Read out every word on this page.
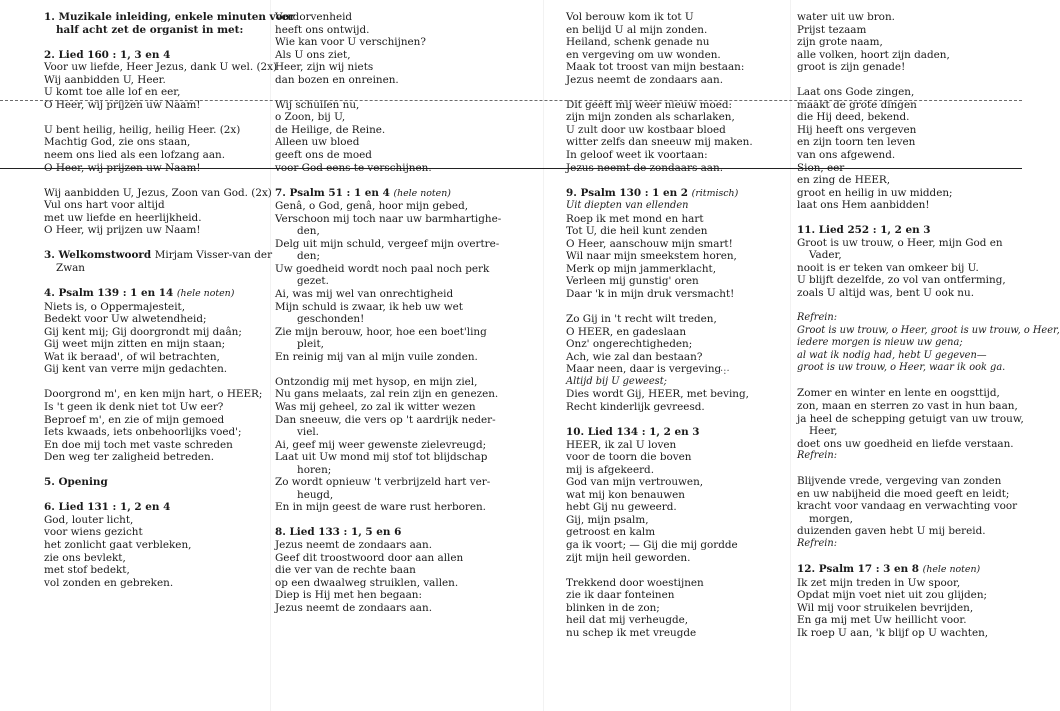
1. Muzikale inleiding, enkele minuten voor
half acht zet de organist in met:
2. Lied 160 : 1, 3 en 4
Voor uw liefde, Heer Jezus, dank U wel. (2x)
Wij aanbidden U, Heer.
U komt toe alle lof en eer,
O Heer, wij prijzen uw Naam!
U bent heilig, heilig, heilig Heer. (2x)
Machtig God, zie ons staan,
neem ons lied als een lofzang aan.
O Heer, wij prijzen uw Naam!
Wij aanbidden U, Jezus, Zoon van God. (2x)
Vul ons hart voor altijd
met uw liefde en heerlijkheid.
O Heer, wij prijzen uw Naam!
3. Welkomstwoord Mirjam Visser-van der
Zwan
4. Psalm 139 : 1 en 14 (hele noten)
Niets is, o Oppermajesteit,
Bedekt voor Uw alwetendheid;
Gij kent mij; Gij doorgrondt mij daân;
Gij weet mijn zitten en mijn staan;
Wat ik beraad', of wil betrachten,
Gij kent van verre mijn gedachten.
Doorgrond m', en ken mijn hart, o HEER;
Is 't geen ik denk niet tot Uw eer?
Beproef m', en zie of mijn gemoed
Iets kwaads, iets onbehoorlijks voed';
En doe mij toch met vaste schreden
Den weg ter zaligheid betreden.
5. Opening
6. Lied 131 : 1, 2 en 4
God, louter licht,
voor wiens gezicht
het zonlicht gaat verbleken,
zie ons bevlekt,
met stof bedekt,
vol zonden en gebreken.
Verdorvenheid
heeft ons ontwijd.
Wie kan voor U verschijnen?
Als U ons ziet,
Heer, zijn wij niets
dan bozen en onreinen.
Wij schuilen nu,
o Zoon, bij U,
de Heilige, de Reine.
Alleen uw bloed
geeft ons de moed
voor God eens te verschijnen.
7. Psalm 51 : 1 en 4 (hele noten)
Genâ, o God, genâ, hoor mijn gebed,
Verschoon mij toch naar uw barmhartighe-
den,
Delg uit mijn schuld, vergeef mijn overtre-
den;
Uw goedheid wordt noch paal noch perk
gezet.
Ai, was mij wel van onrechtigheid
Mijn schuld is zwaar, ik heb uw wet
geschonden!
Zie mijn berouw, hoor, hoe een boet'ling
pleit,
En reinig mij van al mijn vuile zonden.
Ontzondig mij met hysop, en mijn ziel,
Nu gans melaats, zal rein zijn en genezen.
Was mij geheel, zo zal ik witter wezen
Dan sneeuw, die vers op 't aardrijk neder-
viel.
Ai, geef mij weer gewenste zielevreugd;
Laat uit Uw mond mij stof tot blijdschap
horen;
Zo wordt opnieuw 't verbrijzeld hart ver-
heugd,
En in mijn geest de ware rust herboren.
8. Lied 133 : 1, 5 en 6
Jezus neemt de zondaars aan.
Geef dit troostwoord door aan allen
die ver van de rechte baan
op een dwaalweg struiklen, vallen.
Diep is Hij met hen begaan:
Jezus neemt de zondaars aan.
Vol berouw kom ik tot U
en belijd U al mijn zonden.
Heiland, schenk genade nu
en vergeving om uw wonden.
Maak tot troost van mijn bestaan:
Jezus neemt de zondaars aan.
Dit geeft mij weer nieuw moed:
zijn mijn zonden als scharlaken,
U zult door uw kostbaar bloed
witter zelfs dan sneeuw mij maken.
In geloof weet ik voortaan:
Jezus neemt de zondaars aan.
9. Psalm 130 : 1 en 2 (ritmisch)
Uit diepten van ellenden
Roep ik met mond en hart
Tot U, die heil kunt zenden
O Heer, aanschouw mijn smart!
Wil naar mijn smeekstem horen,
Merk op mijn jammerklacht,
Verleen mij gunstig' oren
Daar 'k in mijn druk versmacht!
Zo Gij in 't recht wilt treden,
O HEER, en gadeslaan
Onz' ongerechtigheden;
Ach, wie zal dan bestaan?
Maar neen, daar is vergeving
Altijd bij U geweest;
Dies wordt Gij, HEER, met beving,
Recht kinderlijk gevreesd.
10. Lied 134 : 1, 2 en 3
HEER, ik zal U loven
voor de toorn die boven
mij is afgekeerd.
God van mijn vertrouwen,
wat mij kon benauwen
hebt Gij nu geweerd.
Gij, mijn psalm,
getroost en kalm
ga ik voort; — Gij die mij gordde
zijt mijn heil geworden.
Trekkend door woestijnen
zie ik daar fonteinen
blinken in de zon;
heil dat mij verheugde,
nu schep ik met vreugde
water uit uw bron.
Prijst tezaam
zijn grote naam,
alle volken, hoort zijn daden,
groot is zijn genade!
Laat ons Gode zingen,
maakt de grote dingen
die Hij deed, bekend.
Hij heeft ons vergeven
en zijn toorn ten leven
van ons afgewend.
Sion, eer
en zing de HEER,
groot en heilig in uw midden;
laat ons Hem aanbidden!
11. Lied 252 : 1, 2 en 3
Groot is uw trouw, o Heer, mijn God en
Vader,
nooit is er teken van omkeer bij U.
U blijft dezelfde, zo vol van ontferming,
zoals U altijd was, bent U ook nu.
Refrein:
Groot is uw trouw, o Heer, groot is uw trouw, o Heer,
iedere morgen is nieuw uw gena;
al wat ik nodig had, hebt U gegeven—
groot is uw trouw, o Heer, waar ik ook ga.
Zomer en winter en lente en oogsttijd,
zon, maan en sterren zo vast in hun baan,
ja heel de schepping getuigt van uw trouw,
Heer,
doet ons uw goedheid en liefde verstaan.
Refrein:
Blijvende vrede, vergeving van zonden
en uw nabijheid die moed geeft en leidt;
kracht voor vandaag en verwachting voor
morgen,
duizenden gaven hebt U mij bereid.
Refrein:
12. Psalm 17 : 3 en 8 (hele noten)
Ik zet mijn treden in Uw spoor,
Opdat mijn voet niet uit zou glijden;
Wil mij voor struikelen bevrijden,
En ga mij met Uw heillicht voor.
Ik roep U aan, 'k blijf op U wachten,
·:·
